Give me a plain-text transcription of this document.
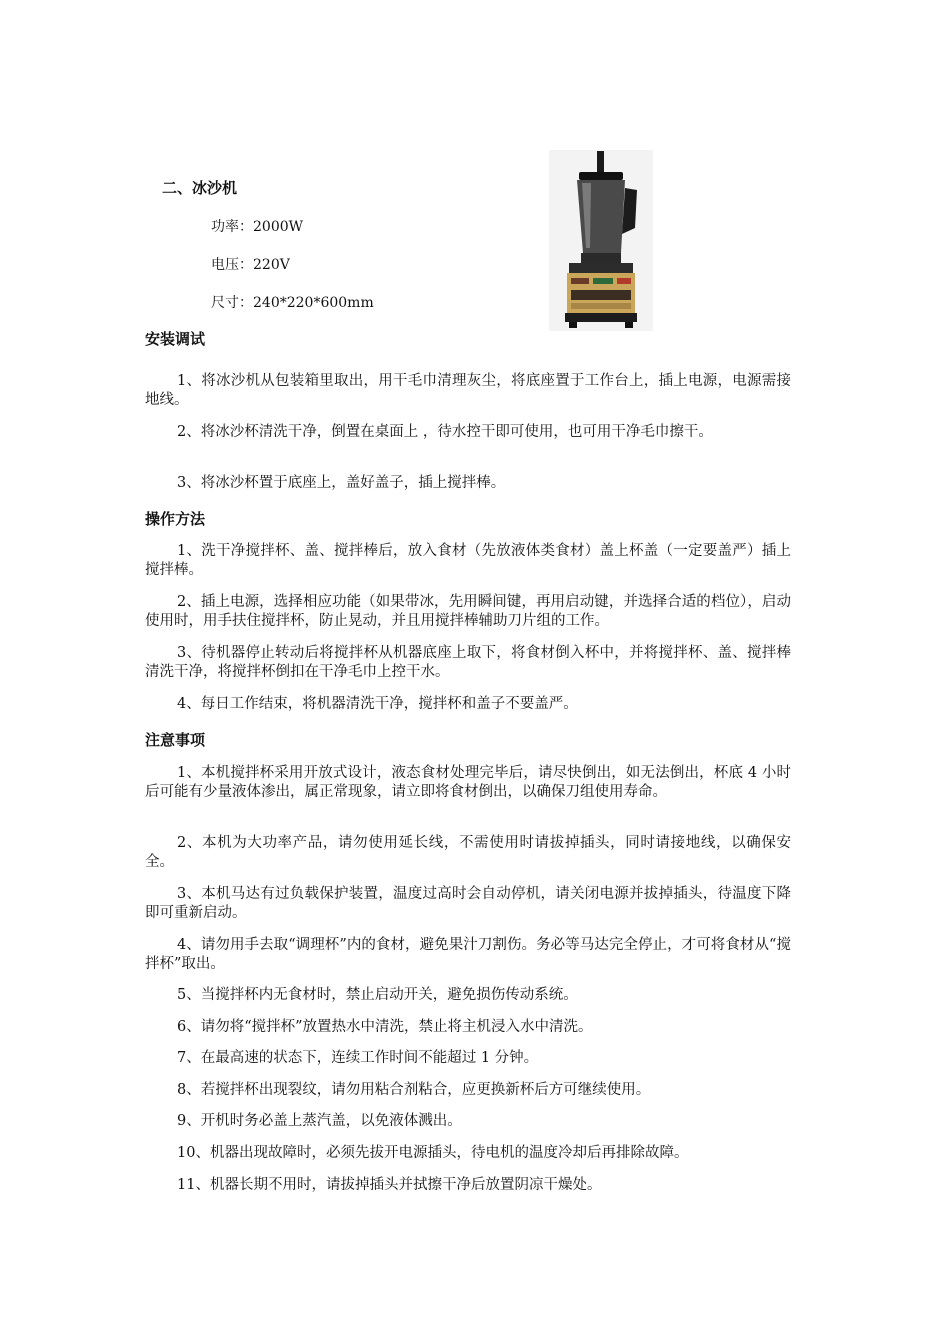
二、冰沙机
功率：2000W
电压：220V
尺寸：240*220*600mm
安装调试
1、将冰沙机从包装箱里取出，用干毛巾清理灰尘，将底座置于工作台上，插上电源，电源需接地线。
2、将冰沙杯清洗干净，倒置在桌面上 ，待水控干即可使用，也可用干净毛巾擦干。
3、将冰沙杯置于底座上，盖好盖子，插上搅拌棒。
操作方法
1、洗干净搅拌杯、盖、搅拌棒后，放入食材（先放液体类食材）盖上杯盖（一定要盖严）插上搅拌棒。
2、插上电源，选择相应功能（如果带冰，先用瞬间键，再用启动键，并选择合适的档位），启动使用时，用手扶住搅拌杯，防止晃动，并且用搅拌棒辅助刀片组的工作。
3、待机器停止转动后将搅拌杯从机器底座上取下，将食材倒入杯中，并将搅拌杯、盖、搅拌棒清洗干净，将搅拌杯倒扣在干净毛巾上控干水。
4、每日工作结束，将机器清洗干净，搅拌杯和盖子不要盖严。
注意事项
1、本机搅拌杯采用开放式设计，液态食材处理完毕后，请尽快倒出，如无法倒出，杯底 4 小时后可能有少量液体渗出，属正常现象，请立即将食材倒出，以确保刀组使用寿命。
2、本机为大功率产品，请勿使用延长线，不需使用时请拔掉插头，同时请接地线，以确保安全。
3、本机马达有过负载保护装置，温度过高时会自动停机，请关闭电源并拔掉插头，待温度下降即可重新启动。
4、请勿用手去取“调理杯”内的食材，避免果汁刀割伤。务必等马达完全停止，才可将食材从“搅拌杯”取出。
5、当搅拌杯内无食材时，禁止启动开关，避免损伤传动系统。
6、请勿将“搅拌杯”放置热水中清洗，禁止将主机浸入水中清洗。
7、在最高速的状态下，连续工作时间不能超过 1 分钟。
8、若搅拌杯出现裂纹，请勿用粘合剂粘合，应更换新杯后方可继续使用。
9、开机时务必盖上蒸汽盖，以免液体溅出。
10、机器出现故障时，必须先拔开电源插头，待电机的温度冷却后再排除故障。
11、机器长期不用时，请拔掉插头并拭擦干净后放置阴凉干燥处。
